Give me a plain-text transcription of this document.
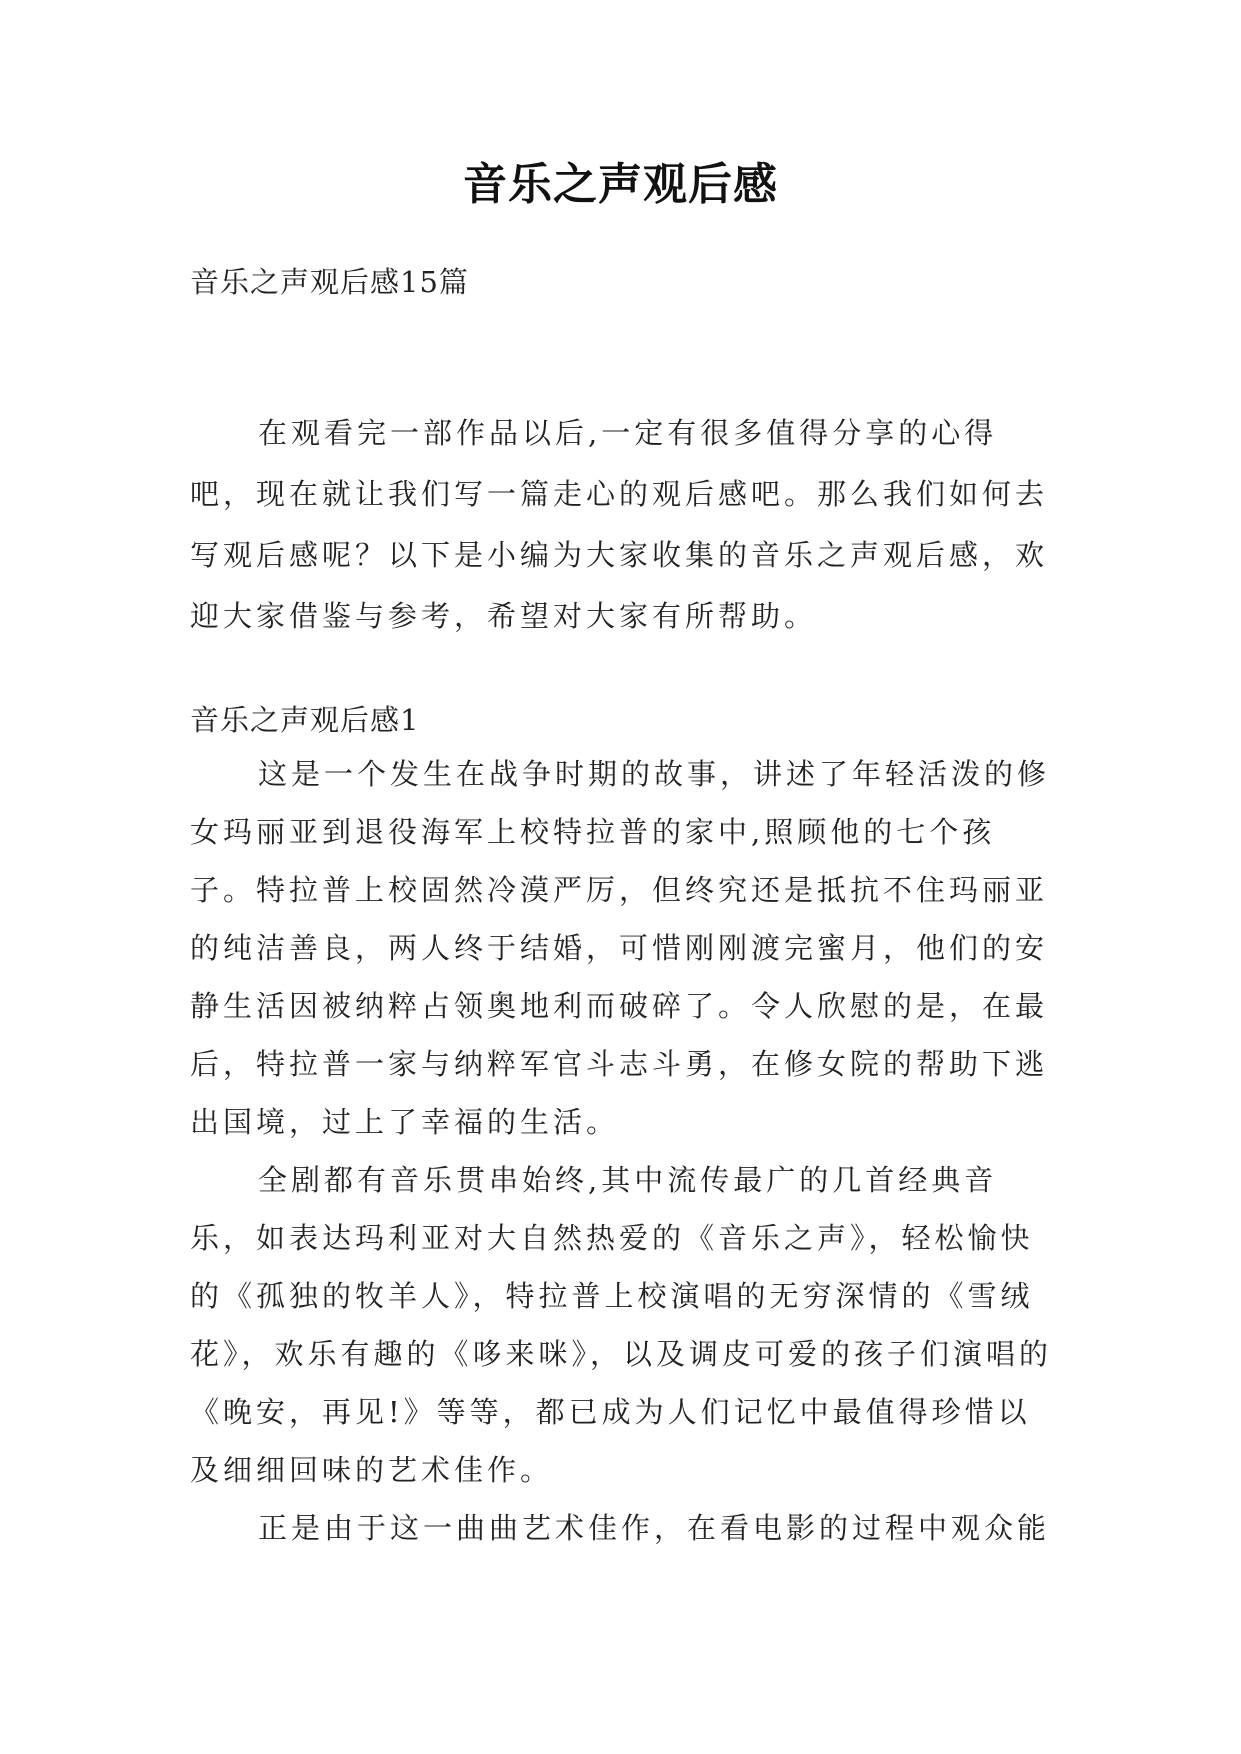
音乐之声观后感
音乐之声观后感15篇

在观看完一部作品以后,一定有很多值得分享的心得吧，现在就让我们写一篇走心的观后感吧。那么我们如何去写观后感呢？以下是小编为大家收集的音乐之声观后感，欢迎大家借鉴与参考，希望对大家有所帮助。

音乐之声观后感1

这是一个发生在战争时期的故事，讲述了年轻活泼的修女玛丽亚到退役海军上校特拉普的家中,照顾他的七个孩子。特拉普上校固然冷漠严厉，但终究还是抵抗不住玛丽亚的纯洁善良，两人终于结婚，可惜刚刚渡完蜜月，他们的安静生活因被纳粹占领奥地利而破碎了。令人欣慰的是，在最后，特拉普一家与纳粹军官斗志斗勇，在修女院的帮助下逃出国境，过上了幸福的生活。

全剧都有音乐贯串始终,其中流传最广的几首经典音乐，如表达玛利亚对大自然热爱的《音乐之声》，轻松愉快的《孤独的牧羊人》，特拉普上校演唱的无穷深情的《雪绒花》，欢乐有趣的《哆来咪》，以及调皮可爱的孩子们演唱的《晚安，再见!》等等，都已成为人们记忆中最值得珍惜以及细细回味的艺术佳作。

正是由于这一曲曲艺术佳作，在看电影的过程中观众能
